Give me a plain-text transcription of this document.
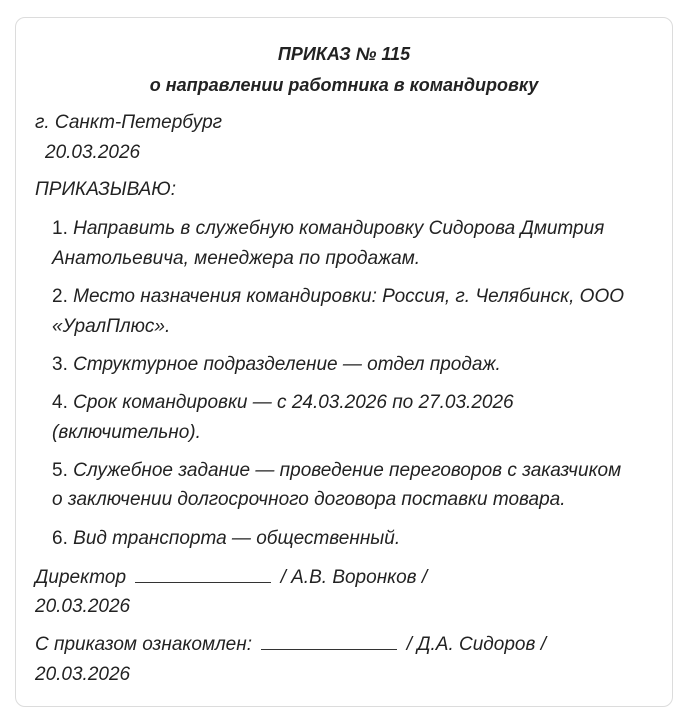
ПРИКАЗ № 115
о направлении работника в командировку
г. Санкт-Петербург
20.03.2026
ПРИКАЗЫВАЮ:
1. Направить в служебную командировку Сидорова Дмитрия
Анатольевича, менеджера по продажам.
2. Место назначения командировки: Россия, г. Челябинск, ООО
«УралПлюс».
3. Структурное подразделение — отдел продаж.
4. Срок командировки — с 24.03.2026 по 27.03.2026
(включительно).
5. Служебное задание — проведение переговоров с заказчиком
о заключении долгосрочного договора поставки товара.
6. Вид транспорта — общественный.
Директор	/ А.В. Воронков /
20.03.2026
С приказом ознакомлен:	/ Д.А. Сидоров /
20.03.2026
